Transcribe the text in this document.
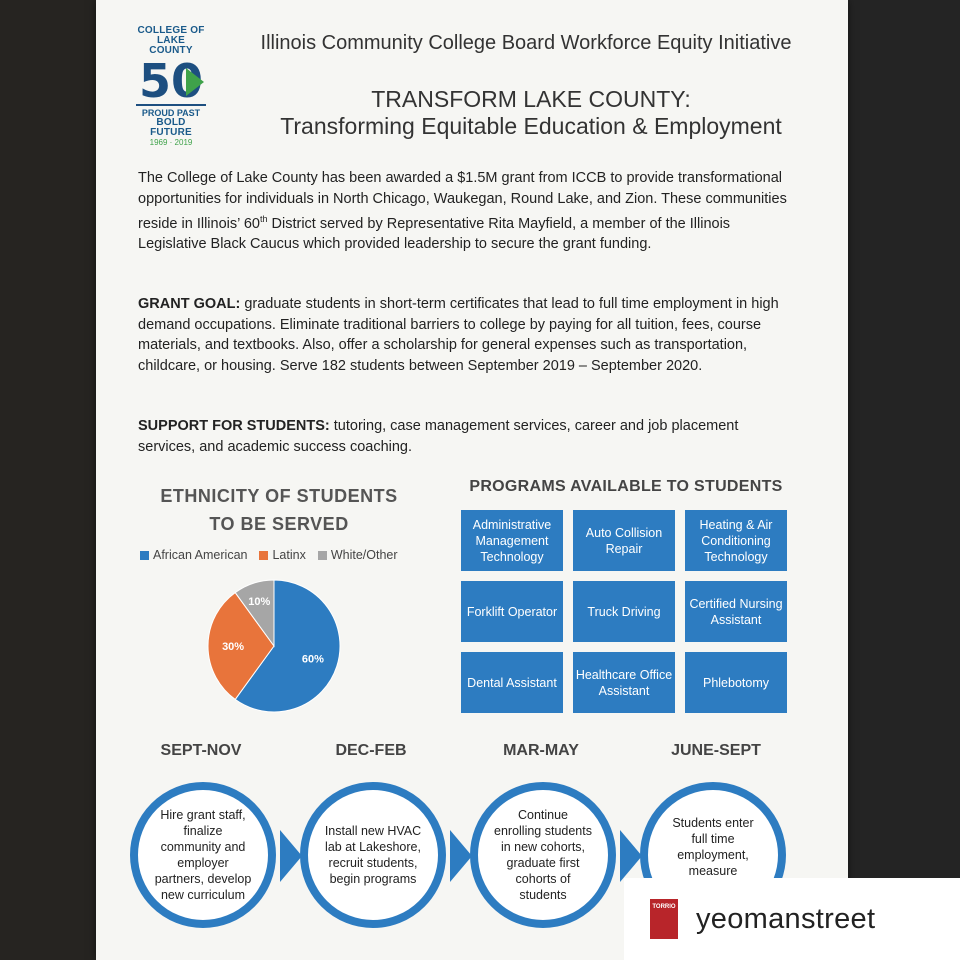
COLLEGE OF
LAKE COUNTY
50
PROUD PAST
BOLD FUTURE
1969 · 2019
Illinois Community College Board Workforce Equity Initiative
TRANSFORM LAKE COUNTY:
Transforming Equitable Education & Employment
The College of Lake County has been awarded a $1.5M grant from ICCB to provide transformational opportunities for individuals in North Chicago, Waukegan, Round Lake, and Zion. These communities reside in Illinois’ 60th District served by Representative Rita Mayfield, a member of the Illinois Legislative Black Caucus which provided leadership to secure the grant funding.
GRANT GOAL: graduate students in short-term certificates that lead to full time employment in high demand occupations. Eliminate traditional barriers to college by paying for all tuition, fees, course materials, and textbooks. Also, offer a scholarship for general expenses such as transportation, childcare, or housing. Serve 182 students between September 2019 – September 2020.
SUPPORT FOR STUDENTS: tutoring, case management services, career and job placement services, and academic success coaching.
ETHNICITY OF STUDENTS
TO BE SERVED
African American Latinx White/Other
60%
30%
10%
PROGRAMS AVAILABLE TO STUDENTS
Administrative Management Technology
Auto Collision Repair
Heating & Air Conditioning Technology
Forklift Operator	Truck Driving
Certified Nursing Assistant
Dental Assistant
Healthcare Office Assistant
Phlebotomy
SEPT-NOV	DEC-FEB	MAR-MAY	JUNE-SEPT
Hire grant staff, finalize community and employer partners, develop new curriculum
Install new HVAC lab at Lakeshore, recruit students, begin programs
Continue enrolling students in new cohorts, graduate first cohorts of students
Students enter full time employment, measure
TORRIO yeomanstreet
